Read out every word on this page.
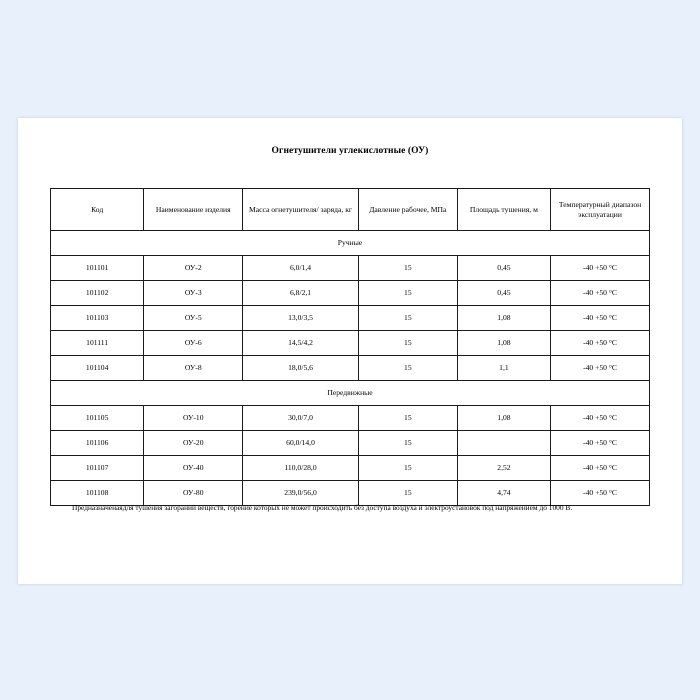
Огнетушители углекислотные (ОУ)
Код	Наименование изделия	Масса огнетушителя/ заряда, кг	Давление рабочее, МПа	Площадь тушения, м	Температурный диапазон эксплуатации
Ручные					
101101	ОУ-2	6,0/1,4	15	0,45	-40 +50 °C
101102	ОУ-3	6,8/2,1	15	0,45	-40 +50 °C
101103	ОУ-5	13,0/3,5	15	1,08	-40 +50 °C
101111	ОУ-6	14,5/4,2	15	1,08	-40 +50 °C
101104	ОУ-8	18,0/5,6	15	1,1	-40 +50 °C
Передвижные					
101105	ОУ-10	30,0/7,0	15	1,08	-40 +50 °C
101106	ОУ-20	60,0/14,0	15		-40 +50 °C
101107	ОУ-40	110,0/28,0	15	2,52	-40 +50 °C
101108	ОУ-80	239,0/56,0	15	4,74	-40 +50 °C
Предназначенаядля тушения загораний веществ, горение которых не может происходить без доступа воздуха и электроустановок под напряжением до 1000 В.
